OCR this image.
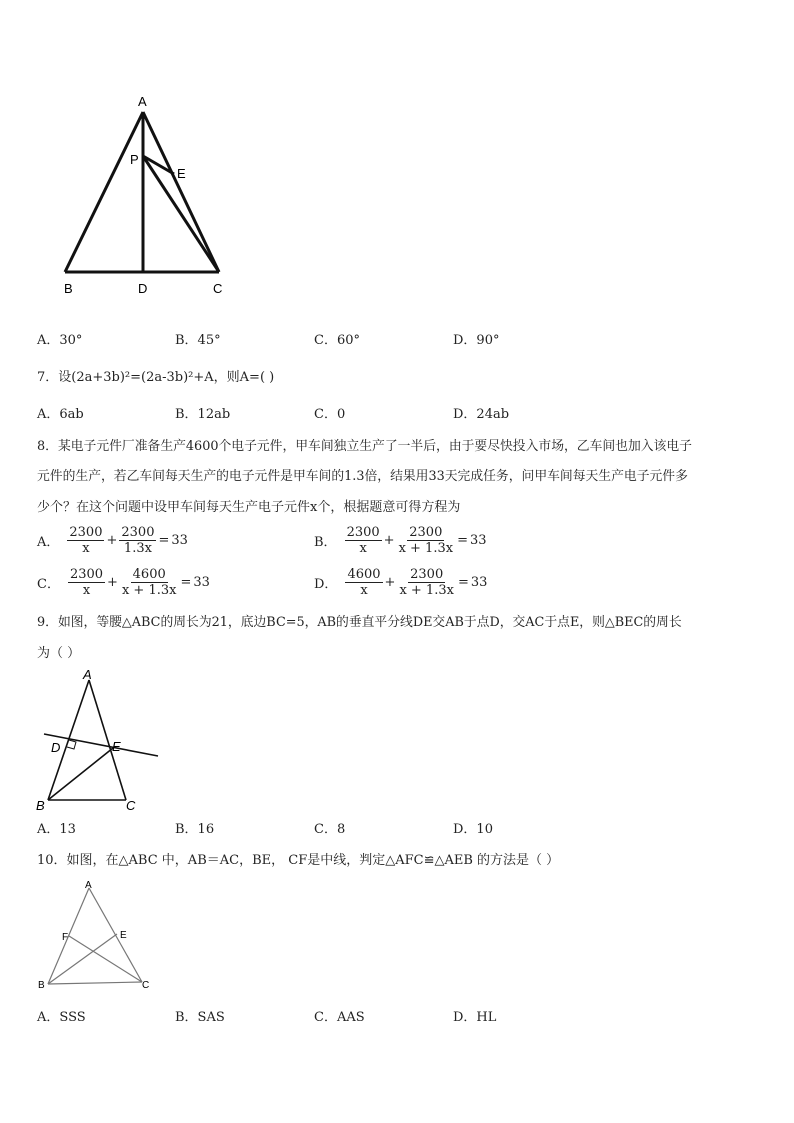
A
P
E
B	D	C
A．30°	B．45°	C．60°	D．90°
7．设(2a+3b)²=(2a-3b)²+A，则A=( )
A．6ab	B．12ab	C．0	D．24ab
8．某电子元件厂准备生产4600个电子元件，甲车间独立生产了一半后，由于要尽快投入市场，乙车间也加入该电子
元件的生产，若乙车间每天生产的电子元件是甲车间的1.3倍，结果用33天完成任务，问甲车间每天生产电子元件多
少个？在这个问题中设甲车间每天生产电子元件x个，根据题意可得方程为
A． $\frac{2300}{x} + \frac{2300}{1.3x} = 33$	B． $\frac{2300}{x} + \frac{2300}{x + 1.3x} = 33$
C． $\frac{2300}{x} + \frac{4600}{x + 1.3x} = 33$	D． $\frac{4600}{x} + \frac{2300}{x + 1.3x} = 33$
9．如图，等腰△ABC的周长为21，底边BC=5，AB的垂直平分线DE交AB于点D，交AC于点E，则△BEC的周长
为（ ）
A
D	E
B	C
A．13	B．16	C．8	D．10
10．如图，在△ABC 中，AB＝AC，BE， CF是中线，判定△AFC≌△AEB 的方法是（ ）
A
F	E
B	C
A．SSS	B．SAS	C．AAS	D．HL
